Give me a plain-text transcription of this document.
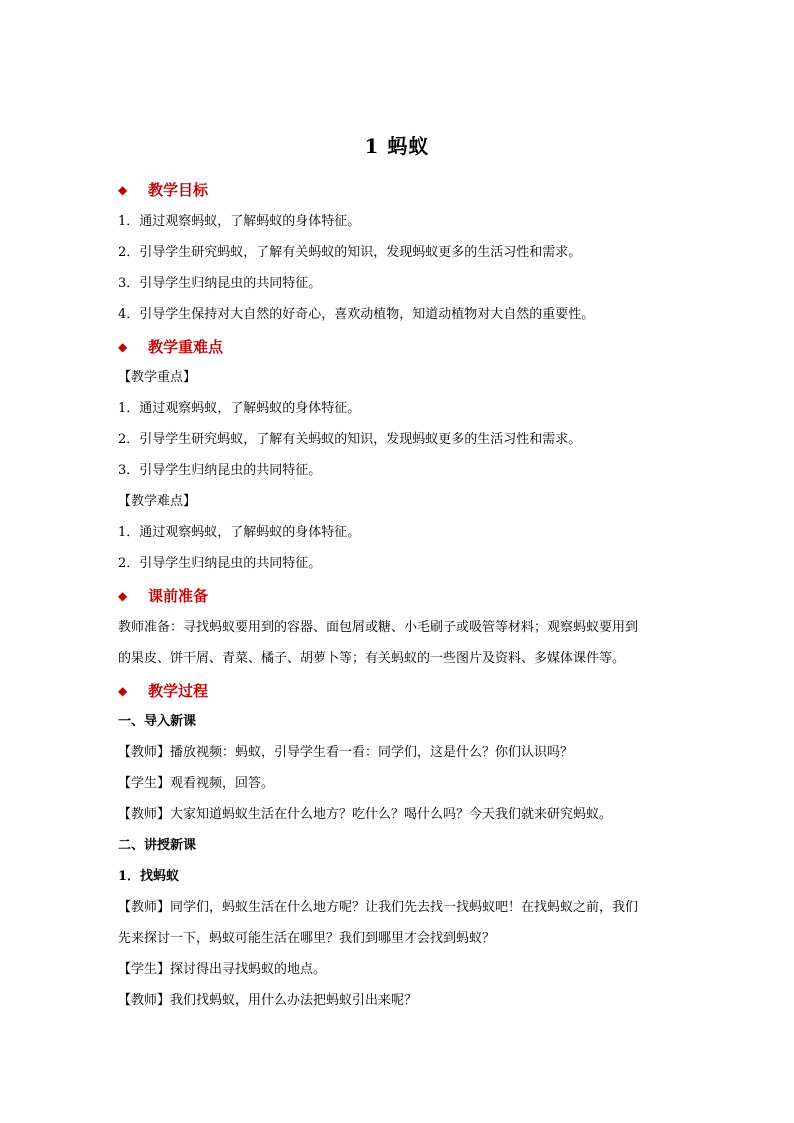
1 蚂蚁
◆ 教学目标
1．通过观察蚂蚁，了解蚂蚁的身体特征。
2．引导学生研究蚂蚁，了解有关蚂蚁的知识，发现蚂蚁更多的生活习性和需求。
3．引导学生归纳昆虫的共同特征。
4．引导学生保持对大自然的好奇心，喜欢动植物，知道动植物对大自然的重要性。
◆ 教学重难点
【教学重点】
1．通过观察蚂蚁，了解蚂蚁的身体特征。
2．引导学生研究蚂蚁，了解有关蚂蚁的知识，发现蚂蚁更多的生活习性和需求。
3．引导学生归纳昆虫的共同特征。
【教学难点】
1．通过观察蚂蚁，了解蚂蚁的身体特征。
2．引导学生归纳昆虫的共同特征。
◆ 课前准备
教师准备：寻找蚂蚁要用到的容器、面包屑或糖、小毛刷子或吸管等材料；观察蚂蚁要用到
的果皮、饼干屑、青菜、橘子、胡萝卜等；有关蚂蚁的一些图片及资料、多媒体课件等。
◆ 教学过程
一、导入新课
【教师】播放视频：蚂蚁，引导学生看一看：同学们，这是什么？你们认识吗？
【学生】观看视频，回答。
【教师】大家知道蚂蚁生活在什么地方？吃什么？喝什么吗？今天我们就来研究蚂蚁。
二、讲授新课
1．找蚂蚁
【教师】同学们，蚂蚁生活在什么地方呢？让我们先去找一找蚂蚁吧！在找蚂蚁之前，我们
先来探讨一下，蚂蚁可能生活在哪里？我们到哪里才会找到蚂蚁？
【学生】探讨得出寻找蚂蚁的地点。
【教师】我们找蚂蚁，用什么办法把蚂蚁引出来呢？
